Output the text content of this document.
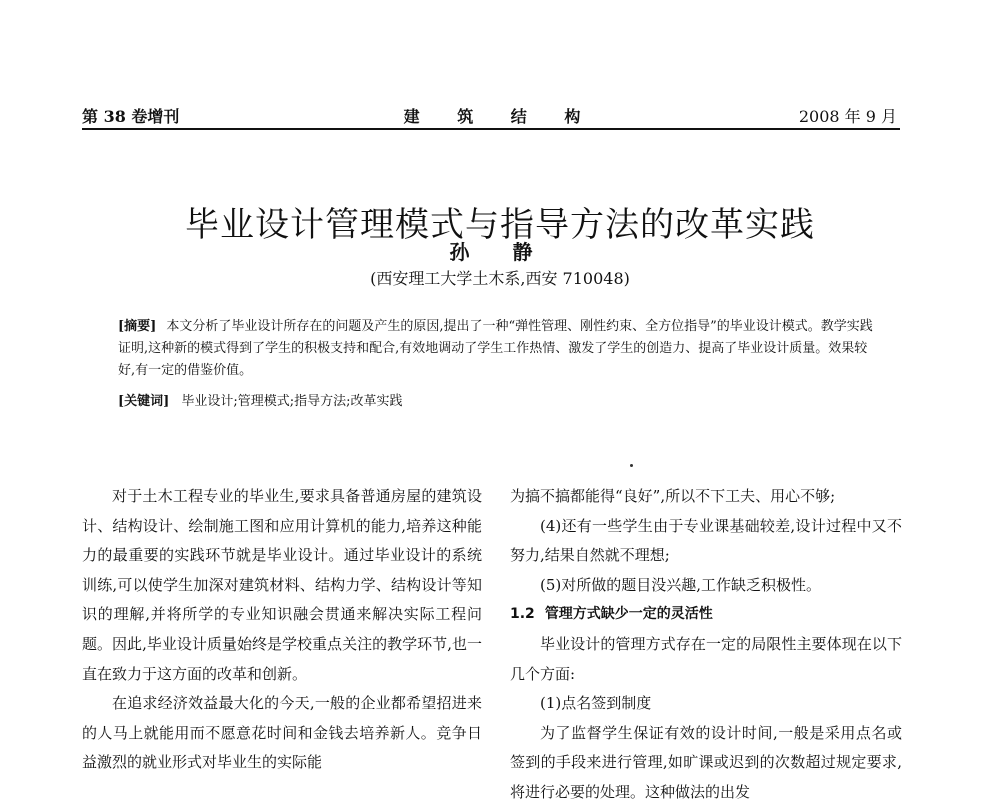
第 38 卷增刊	建 筑 结 构	2008 年 9 月
毕业设计管理模式与指导方法的改革实践
孙 静
(西安理工大学土木系,西安 710048)
[摘要] 本文分析了毕业设计所存在的问题及产生的原因,提出了一种“弹性管理、刚性约束、全方位指导”的毕业设计模式。教学实践证明,这种新的模式得到了学生的积极支持和配合,有效地调动了学生工作热情、激发了学生的创造力、提高了毕业设计质量。效果较好,有一定的借鉴价值。
[关键词] 毕业设计;管理模式;指导方法;改革实践

对于土木工程专业的毕业生,要求具备普通房屋的建筑设计、结构设计、绘制施工图和应用计算机的能力,培养这种能力的最重要的实践环节就是毕业设计。通过毕业设计的系统训练,可以使学生加深对建筑材料、结构力学、结构设计等知识的理解,并将所学的专业知识融会贯通来解决实际工程问题。因此,毕业设计质量始终是学校重点关注的教学环节,也一直在致力于这方面的改革和创新。

在追求经济效益最大化的今天,一般的企业都希望招进来的人马上就能用而不愿意花时间和金钱去培养新人。竞争日益激烈的就业形式对毕业生的实际能

为搞不搞都能得“良好”,所以不下工夫、用心不够;

(4)还有一些学生由于专业课基础较差,设计过程中又不努力,结果自然就不理想;

(5)对所做的题目没兴趣,工作缺乏积极性。

1.2 管理方式缺少一定的灵活性

毕业设计的管理方式存在一定的局限性主要体现在以下几个方面:

(1)点名签到制度

为了监督学生保证有效的设计时间,一般是采用点名或签到的手段来进行管理,如旷课或迟到的次数超过规定要求,将进行必要的处理。这种做法的出发
